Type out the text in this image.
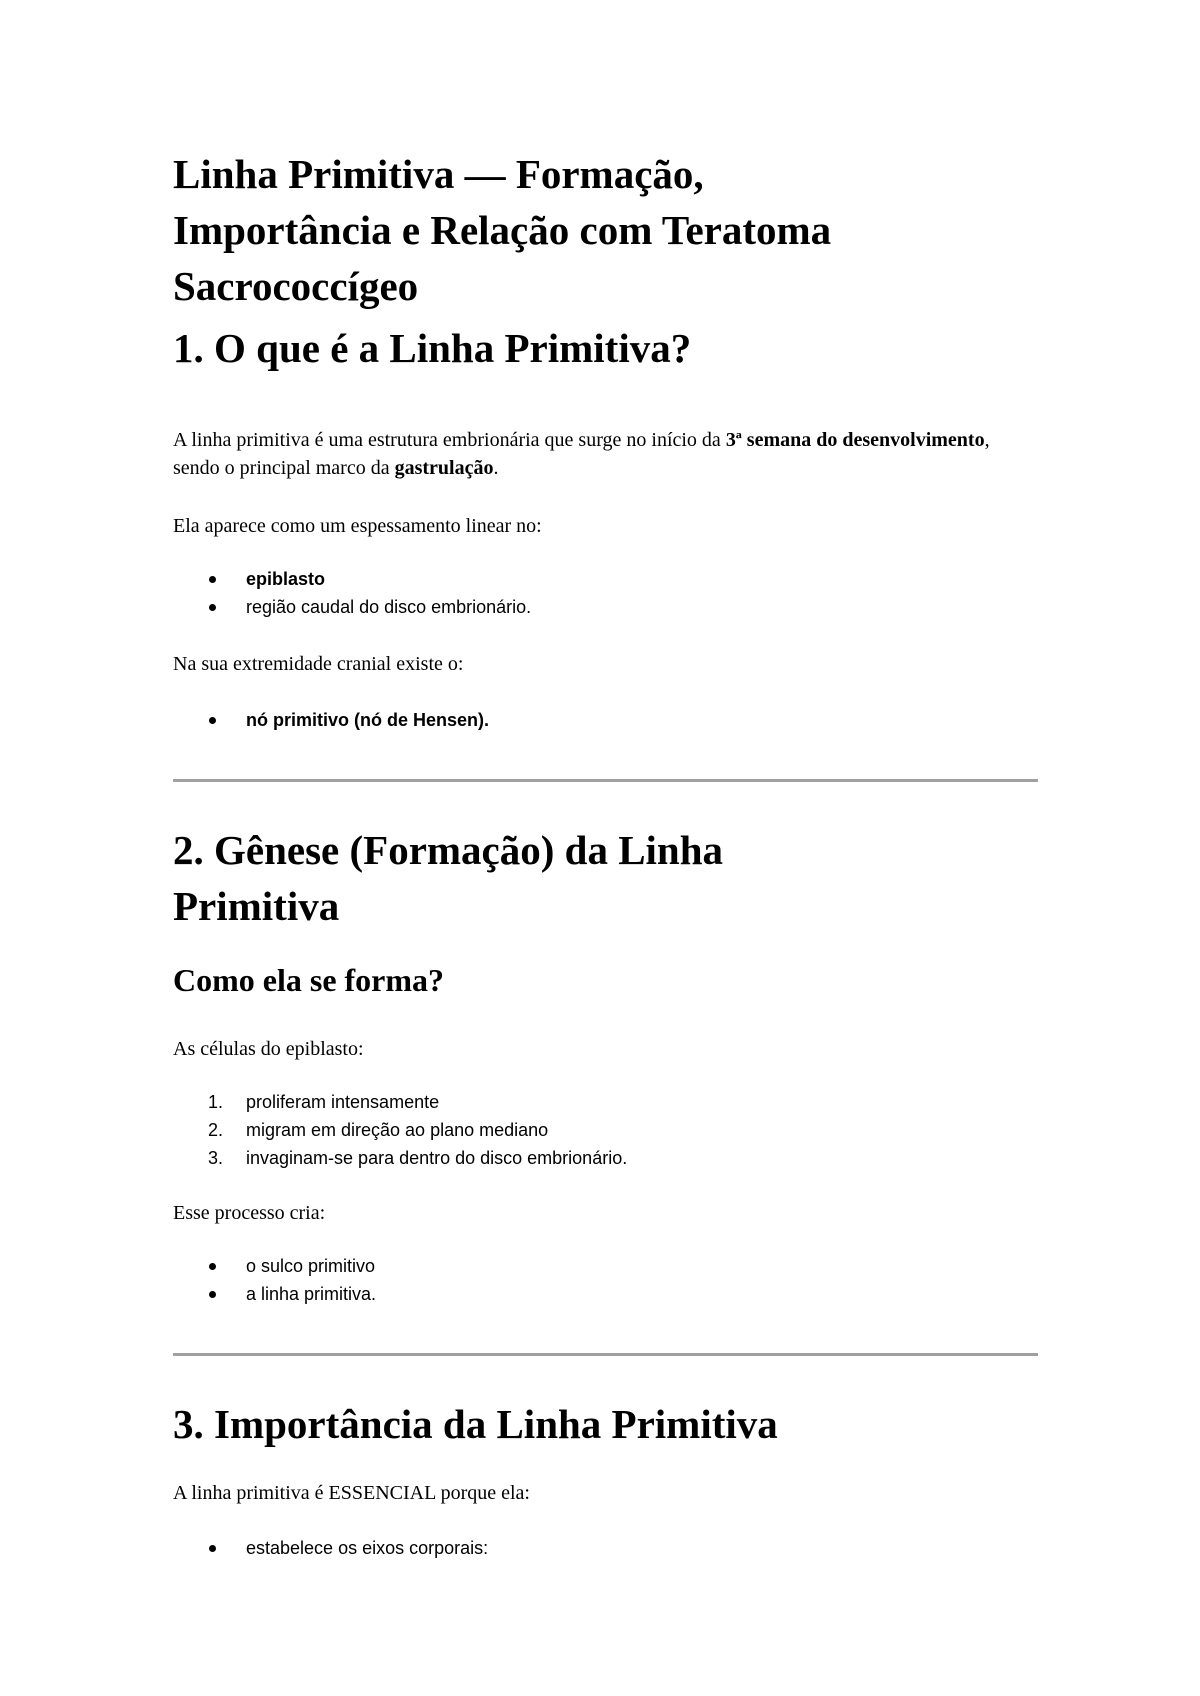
Linha Primitiva — Formação,
Importância e Relação com Teratoma
Sacrococcígeo
1. O que é a Linha Primitiva?

A linha primitiva é uma estrutura embrionária que surge no início da 3ª semana do desenvolvimento, sendo o principal marco da gastrulação.

Ela aparece como um espessamento linear no:

epiblasto
região caudal do disco embrionário.

Na sua extremidade cranial existe o:

nó primitivo (nó de Hensen).
2. Gênese (Formação) da Linha
Primitiva
Como ela se forma?

As células do epiblasto:

1. proliferam intensamente
2. migram em direção ao plano mediano
3. invaginam-se para dentro do disco embrionário.

Esse processo cria:

o sulco primitivo
a linha primitiva.
3. Importância da Linha Primitiva

A linha primitiva é ESSENCIAL porque ela:

estabelece os eixos corporais:
